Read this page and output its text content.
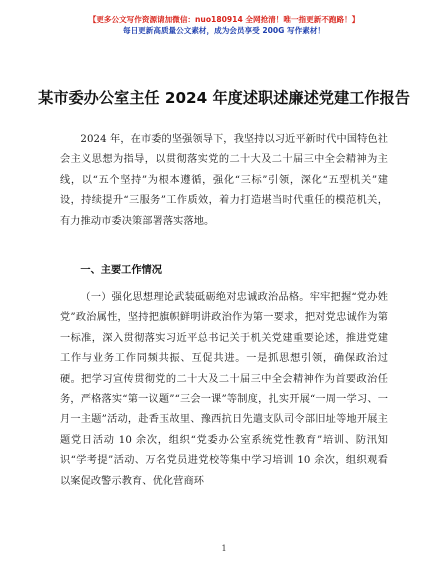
【更多公文写作资源请加微信：nuo180914 全网抢清！唯一指更新不跑路！】
每日更新高质量公文素材，成为会员享受 200G 写作素材！
某市委办公室主任 2024 年度述职述廉述党建工作报告
2024 年，在市委的坚强领导下，我坚持以习近平新时代中国特色社会主义思想为指导，以贯彻落实党的二十大及二十届三中全会精神为主线，以“五个坚持”为根本遵循，强化“三标”引领，深化“五型机关”建设，持续提升“三服务”工作质效，着力打造堪当时代重任的模范机关，有力推动市委决策部署落实落地。
一、主要工作情况
（一）强化思想理论武装砥砺绝对忠诚政治品格。牢牢把握“党办姓党”政治属性，坚持把旗帜鲜明讲政治作为第一要求，把对党忠诚作为第一标准，深入贯彻落实习近平总书记关于机关党建重要论述，推进党建工作与业务工作同频共振、互促共进。一是抓思想引领，确保政治过硬。把学习宣传贯彻党的二十大及二十届三中全会精神作为首要政治任务，严格落实“第一议题”“三会一课”等制度，扎实开展“一周一学习、一月一主题”活动，赴香玉故里、豫西抗日先遣支队司令部旧址等地开展主题党日活动 10 余次，组织“党委办公室系统党性教育”培训、防汛知识“学考提”活动、万名党员进党校等集中学习培训 10 余次，组织观看以案促改警示教育、优化营商环
1
